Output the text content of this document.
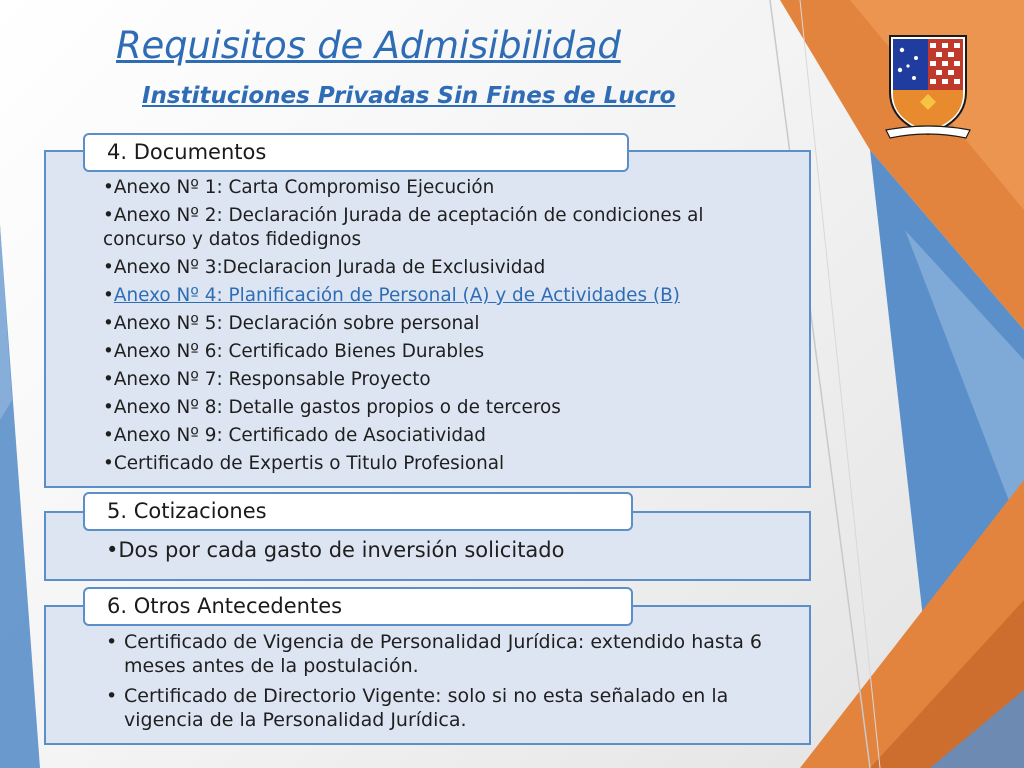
Requisitos de Admisibilidad
Instituciones Privadas Sin Fines de Lucro
4. Documentos
•Anexo Nº 1: Carta Compromiso Ejecución
•Anexo Nº 2: Declaración Jurada de aceptación de condiciones al concurso y datos fidedignos
•Anexo Nº 3:Declaracion Jurada de Exclusividad
•Anexo Nº 4: Planificación de Personal (A) y de Actividades (B)
•Anexo Nº 5: Declaración sobre personal
•Anexo Nº 6: Certificado Bienes Durables
•Anexo Nº 7: Responsable Proyecto
•Anexo Nº 8: Detalle gastos propios o de terceros
•Anexo Nº 9: Certificado de Asociatividad
•Certificado de Expertis o Titulo Profesional
5. Cotizaciones
•Dos por cada gasto de inversión solicitado
6. Otros Antecedentes
• Certificado de Vigencia de Personalidad Jurídica: extendido hasta 6 meses antes de la postulación.
• Certificado de Directorio Vigente: solo si no esta señalado en la vigencia de la Personalidad Jurídica.
